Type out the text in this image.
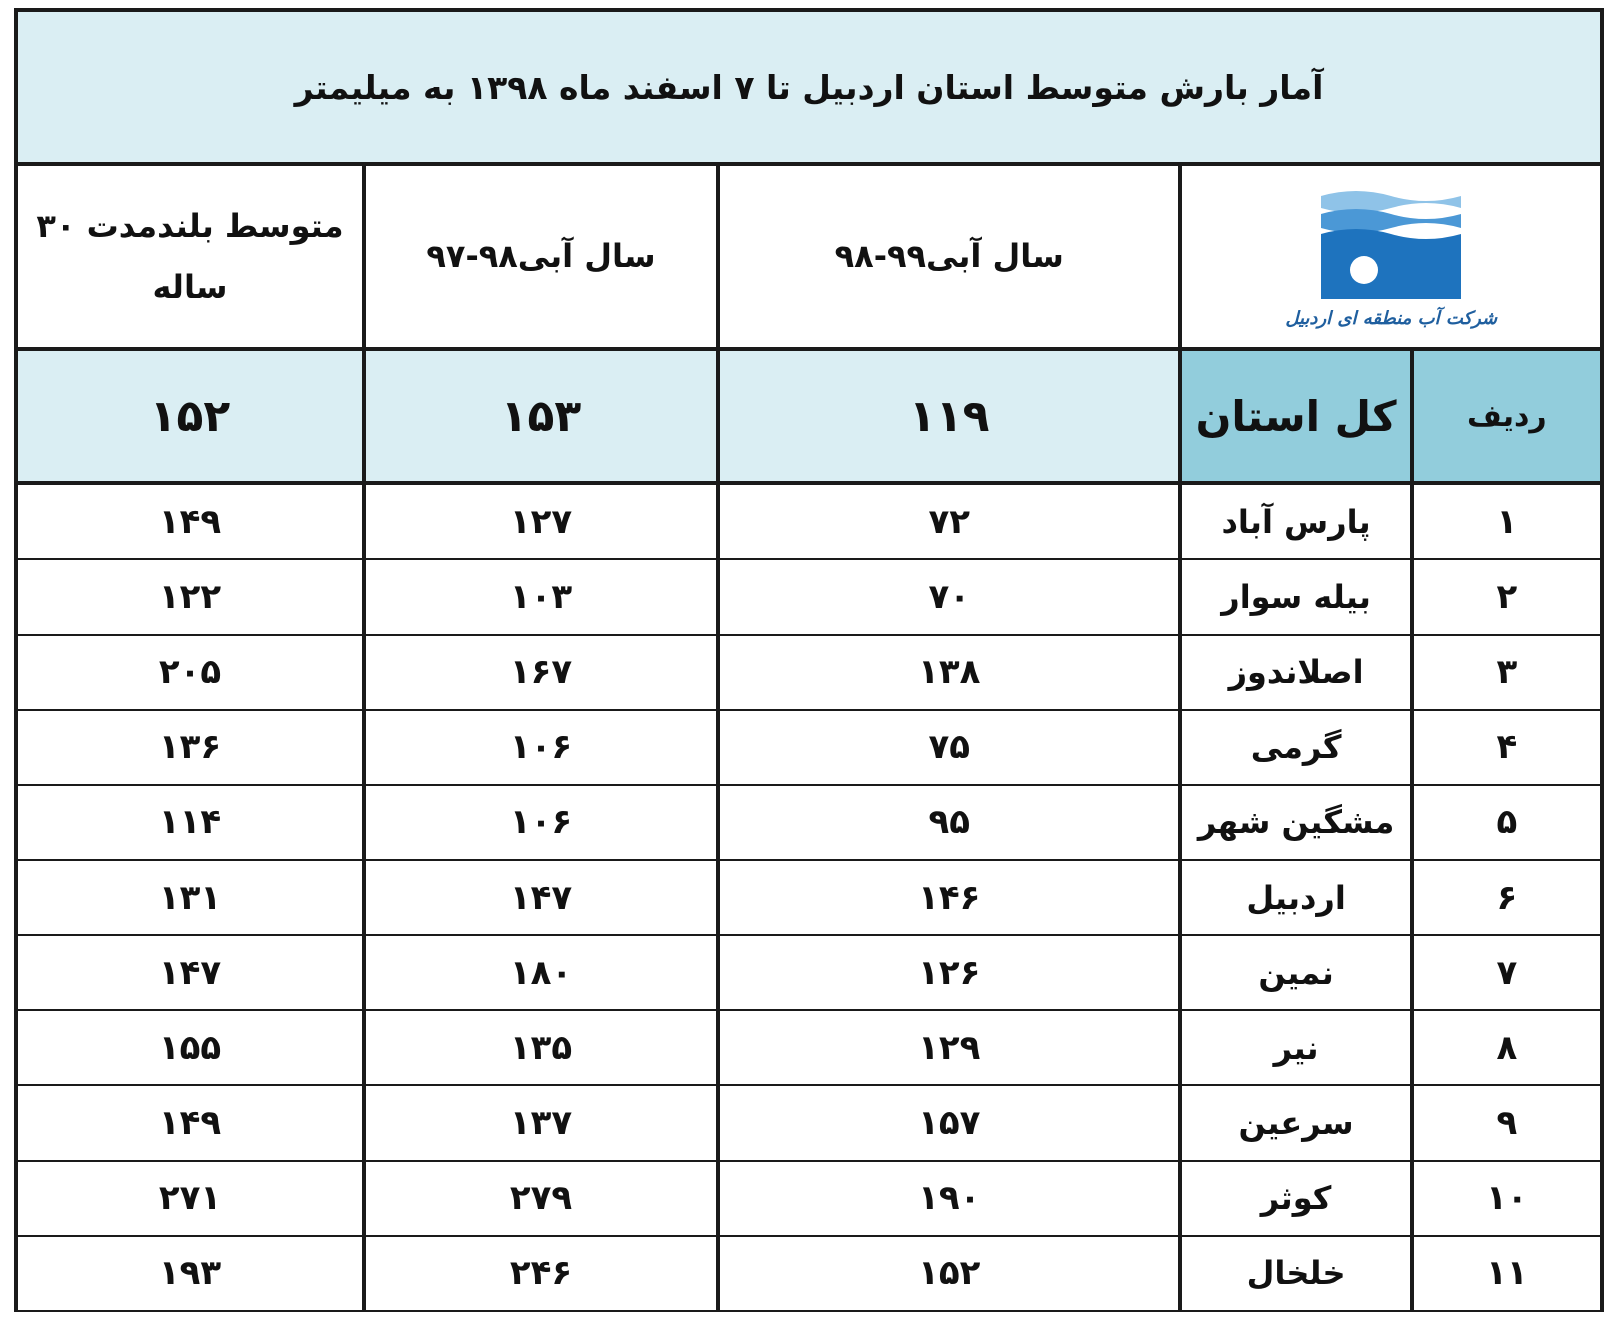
آمار بارش متوسط استان اردبیل تا ۷ اسفند ماه ۱۳۹۸ به میلیمتر				

شرکت آب منطقه ای اردبیل		سال آبی۹۹-۹۸	سال آبی۹۸-۹۷	متوسط بلندمدت ۳۰ ساله
ردیف	کل استان	۱۱۹	۱۵۳	۱۵۲
۱	پارس آباد	۷۲	۱۲۷	۱۴۹
۲	بیله سوار	۷۰	۱۰۳	۱۲۲
۳	اصلاندوز	۱۳۸	۱۶۷	۲۰۵
۴	گرمی	۷۵	۱۰۶	۱۳۶
۵	مشگین شهر	۹۵	۱۰۶	۱۱۴
۶	اردبیل	۱۴۶	۱۴۷	۱۳۱
۷	نمین	۱۲۶	۱۸۰	۱۴۷
۸	نیر	۱۲۹	۱۳۵	۱۵۵
۹	سرعین	۱۵۷	۱۳۷	۱۴۹
۱۰	کوثر	۱۹۰	۲۷۹	۲۷۱
۱۱	خلخال	۱۵۲	۲۴۶	۱۹۳
